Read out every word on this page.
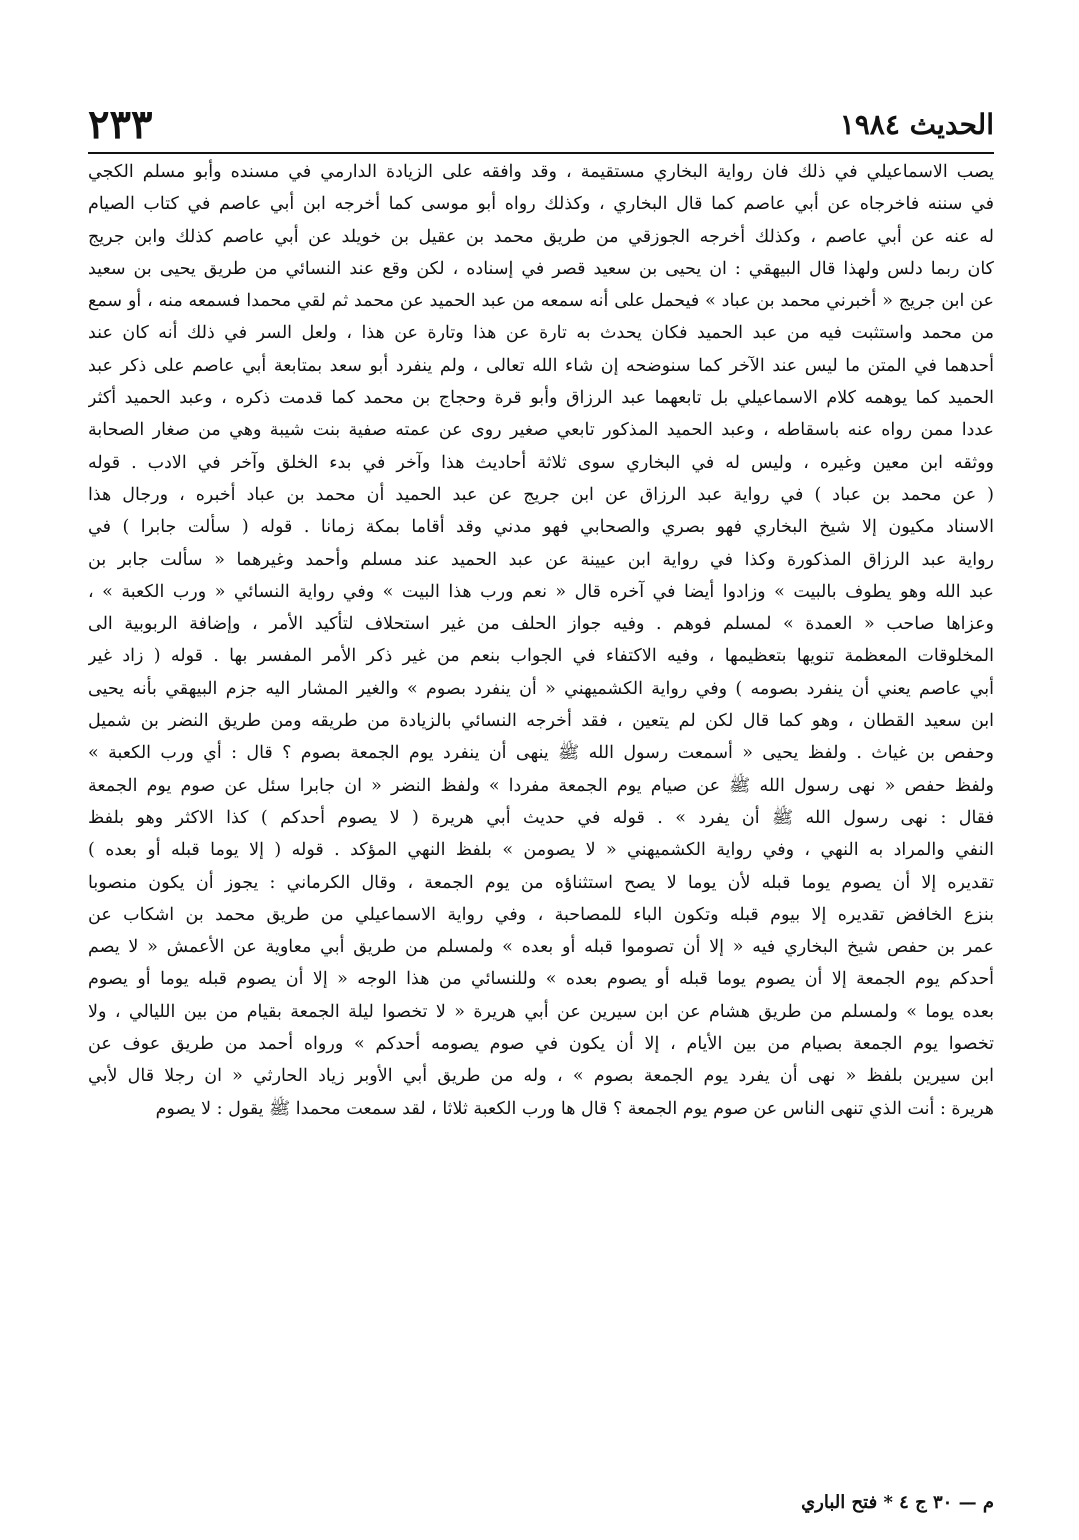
٢٣٣	الحديث ١٩٨٤
يصب الاسماعيلي في ذلك فان رواية البخاري مستقيمة ، وقد وافقه على الزيادة الدارمي في مسنده وأبو مسلم الكجي
في سننه فاخرجاه عن أبي عاصم كما قال البخاري ، وكذلك رواه أبو موسى كما أخرجه ابن أبي عاصم في كتاب الصيام
له عنه عن أبي عاصم ، وكذلك أخرجه الجوزقي من طريق محمد بن عقيل بن خويلد عن أبي عاصم كذلك وابن جريج
كان ربما دلس ولهذا قال البيهقي : ان يحيى بن سعيد قصر في إسناده ، لكن وقع عند النسائي من طريق يحيى بن سعيد
عن ابن جريج « أخبرني محمد بن عباد » فيحمل على أنه سمعه من عبد الحميد عن محمد ثم لقي محمدا فسمعه منه ، أو سمع
من محمد واستثبت فيه من عبد الحميد فكان يحدث به تارة عن هذا وتارة عن هذا ، ولعل السر في ذلك أنه كان عند
أحدهما في المتن ما ليس عند الآخر كما سنوضحه إن شاء الله تعالى ، ولم ينفرد أبو سعد بمتابعة أبي عاصم على ذكر عبد
الحميد كما يوهمه كلام الاسماعيلي بل تابعهما عبد الرزاق وأبو قرة وحجاج بن محمد كما قدمت ذكره ، وعبد الحميد أكثر
عددا ممن رواه عنه باسقاطه ، وعبد الحميد المذكور تابعي صغير روى عن عمته صفية بنت شيبة وهي من صغار الصحابة
ووثقه ابن معين وغيره ، وليس له في البخاري سوى ثلاثة أحاديث هذا وآخر في بدء الخلق وآخر في الادب . قوله
( عن محمد بن عباد ) في رواية عبد الرزاق عن ابن جريج عن عبد الحميد أن محمد بن عباد أخبره ، ورجال هذا
الاسناد مكيون إلا شيخ البخاري فهو بصري والصحابي فهو مدني وقد أقاما بمكة زمانا . قوله ( سألت جابرا ) في
رواية عبد الرزاق المذكورة وكذا في رواية ابن عيينة عن عبد الحميد عند مسلم وأحمد وغيرهما « سألت جابر بن
عبد الله وهو يطوف بالبيت » وزادوا أيضا في آخره قال « نعم ورب هذا البيت » وفي رواية النسائي « ورب الكعبة » ،
وعزاها صاحب « العمدة » لمسلم فوهم . وفيه جواز الحلف من غير استحلاف لتأكيد الأمر ، وإضافة الربوبية الى
المخلوقات المعظمة تنويها بتعظيمها ، وفيه الاكتفاء في الجواب بنعم من غير ذكر الأمر المفسر بها . قوله ( زاد غير
أبي عاصم يعني أن ينفرد بصومه ) وفي رواية الكشميهني « أن ينفرد بصوم » والغير المشار اليه جزم البيهقي بأنه يحيى
ابن سعيد القطان ، وهو كما قال لكن لم يتعين ، فقد أخرجه النسائي بالزيادة من طريقه ومن طريق النضر بن شميل
وحفص بن غياث . ولفظ يحيى « أسمعت رسول الله ﷺ ينهى أن ينفرد يوم الجمعة بصوم ؟ قال : أي ورب الكعبة »
ولفظ حفص « نهى رسول الله ﷺ عن صيام يوم الجمعة مفردا » ولفظ النضر « ان جابرا سئل عن صوم يوم الجمعة
فقال : نهى رسول الله ﷺ أن يفرد » . قوله في حديث أبي هريرة ( لا يصوم أحدكم ) كذا الاكثر وهو بلفظ
النفي والمراد به النهي ، وفي رواية الكشميهني « لا يصومن » بلفظ النهي المؤكد . قوله ( إلا يوما قبله أو بعده )
تقديره إلا أن يصوم يوما قبله لأن يوما لا يصح استثناؤه من يوم الجمعة ، وقال الكرماني : يجوز أن يكون منصوبا
بنزع الخافض تقديره إلا بيوم قبله وتكون الباء للمصاحبة ، وفي رواية الاسماعيلي من طريق محمد بن اشكاب عن
عمر بن حفص شيخ البخاري فيه « إلا أن تصوموا قبله أو بعده » ولمسلم من طريق أبي معاوية عن الأعمش « لا يصم
أحدكم يوم الجمعة إلا أن يصوم يوما قبله أو يصوم بعده » وللنسائي من هذا الوجه « إلا أن يصوم قبله يوما أو يصوم
بعده يوما » ولمسلم من طريق هشام عن ابن سيرين عن أبي هريرة « لا تخصوا ليلة الجمعة بقيام من بين الليالي ، ولا
تخصوا يوم الجمعة بصيام من بين الأيام ، إلا أن يكون في صوم يصومه أحدكم » ورواه أحمد من طريق عوف عن
ابن سيرين بلفظ « نهى أن يفرد يوم الجمعة بصوم » ، وله من طريق أبي الأوبر زياد الحارثي « ان رجلا قال لأبي
هريرة : أنت الذي تنهى الناس عن صوم يوم الجمعة ؟ قال ها ورب الكعبة ثلاثا ، لقد سمعت محمدا ﷺ يقول : لا يصوم
م — ٣٠ ج ٤ * فتح الباري
